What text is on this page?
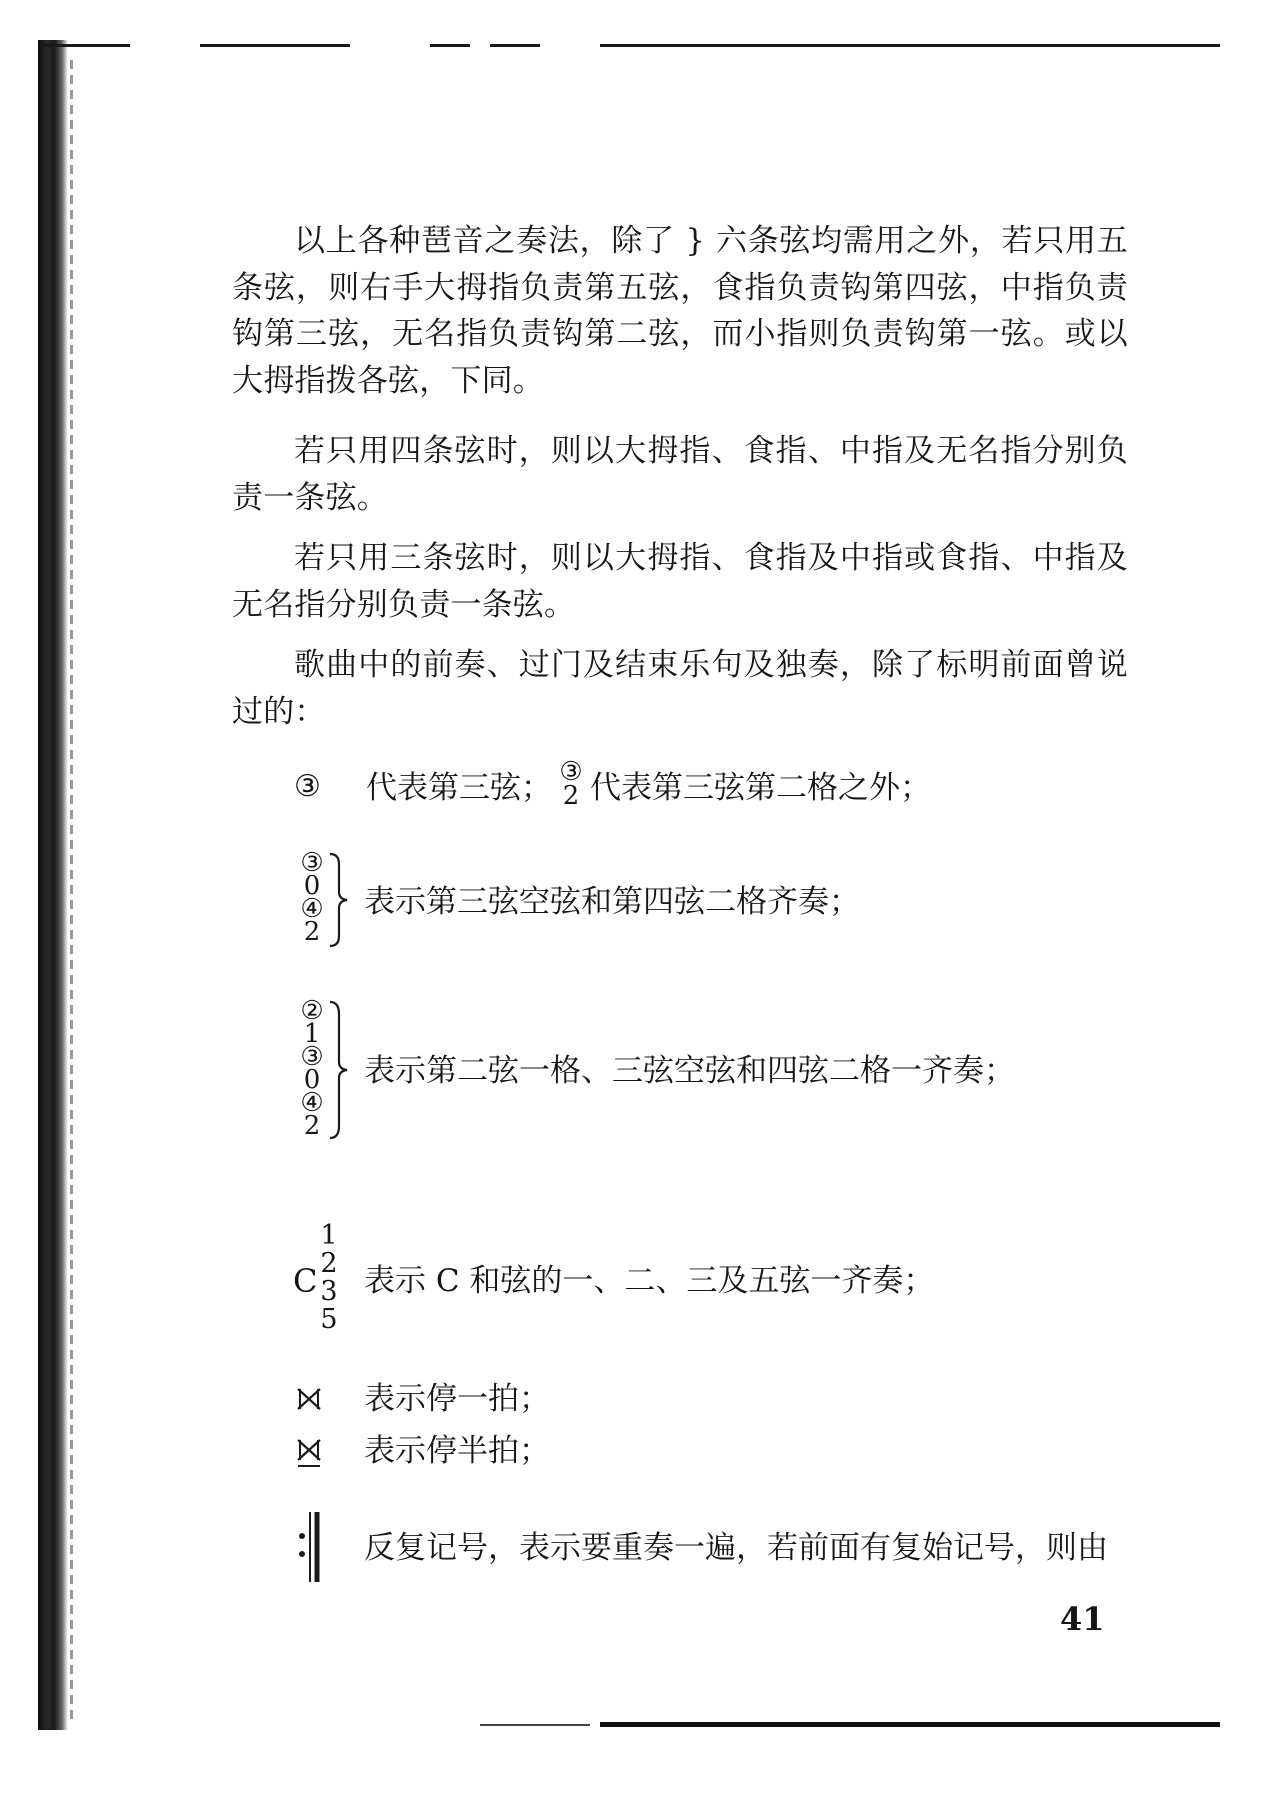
以上各种琶音之奏法，除了 } 六条弦均需用之外，若只用五条弦，则右手大拇指负责第五弦，食指负责钩第四弦，中指负责钩第三弦，无名指负责钩第二弦，而小指则负责钩第一弦。或以大拇指拨各弦，下同。

若只用四条弦时，则以大拇指、食指、中指及无名指分别负责一条弦。

若只用三条弦时，则以大拇指、食指及中指或食指、中指及无名指分别负责一条弦。

歌曲中的前奏、过门及结束乐句及独奏，除了标明前面曾说过的：

③ 代表第三弦； ③
2 代表第三弦第二格之外；
③
0
④
2
表示第三弦空弦和第四弦二格齐奏；
②
1
③
0
④
2
表示第二弦一格、三弦空弦和四弦二格一齐奏；
C
1
2
3
5
表示 C 和弦的一、二、三及五弦一齐奏；
表示停一拍；
表示停半拍；
反复记号，表示要重奏一遍，若前面有复始记号，则由
41
